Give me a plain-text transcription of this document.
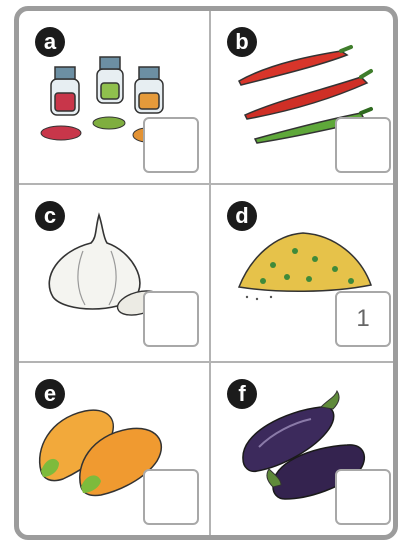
a	b
c	d
1
e	f
